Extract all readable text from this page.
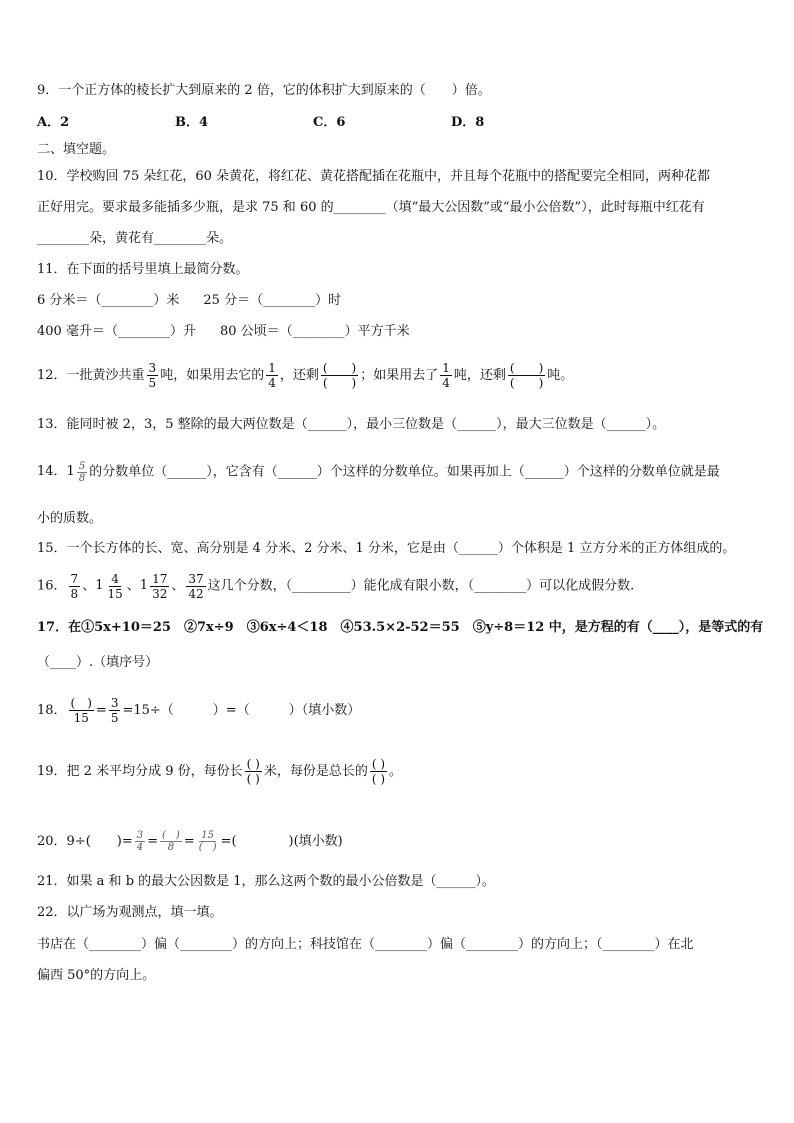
9．一个正方体的棱长扩大到原来的 2 倍，它的体积扩大到原来的（　　）倍。
A．2	B．4	C．6	D．8
二、填空题。
10．学校购回 75 朵红花，60 朵黄花，将红花、黄花搭配插在花瓶中，并且每个花瓶中的搭配要完全相同，两种花都
正好用完。要求最多能插多少瓶，是求 75 和 60 的________（填“最大公因数”或“最小公倍数”），此时每瓶中红花有
________朵，黄花有________朵。
11．在下面的括号里填上最简分数。
6 分米＝（________）米 25 分＝（________）时
400 毫升＝（________）升 80 公顷＝（________）平方千米
12．一批黄沙共重 $\frac{3}{5}$ 吨，如果用去它的 $\frac{1}{4}$ ，还剩 $\frac{( )}{( )}$ ；如果用去了 $\frac{1}{4}$ 吨，还剩 $\frac{( )}{( )}$ 吨。
13．能同时被 2，3，5 整除的最大两位数是（______），最小三位数是（______），最大三位数是（______）。
14．$1 \frac{5}{8}$ 的分数单位（______），它含有（______）个这样的分数单位。如果再加上（______）个这样的分数单位就是最
小的质数。
15．一个长方体的长、宽、高分别是 4 分米、2 分米、1 分米，它是由（______）个体积是 1 立方分米的正方体组成的。
16． $\frac{7}{8}$ 、$1 \frac{4}{15}$ 、$1 \frac{17}{32}$ 、 $\frac{37}{42}$ 这几个分数，（_________）能化成有限小数，（________）可以化成假分数.
17．在①5x+10＝25　②7x÷9　③6x÷4＜18　④53.5×2-52＝55　⑤y÷8＝12 中，是方程的有（____），是等式的有
（____）.（填序号）
18． $\frac{( )}{15} = \frac{3}{5} =15\div$（　　　）=（　　　）（填小数）
19．把 2 米平均分成 9 份，每份长 $\frac{( )}{( )}$ 米，每份是总长的 $\frac{( )}{( )}$ 。
20．9÷(　　)= $\frac{3}{4} = \frac{( )}{8} = \frac{15}{( )}$ =(　　　　)(填小数)
21．如果 a 和 b 的最大公因数是 1，那么这两个数的最小公倍数是（______）。
22．以广场为观测点，填一填。
书店在（________）偏（________）的方向上；科技馆在（________）偏（________）的方向上；（________）在北
偏西 50°的方向上。
